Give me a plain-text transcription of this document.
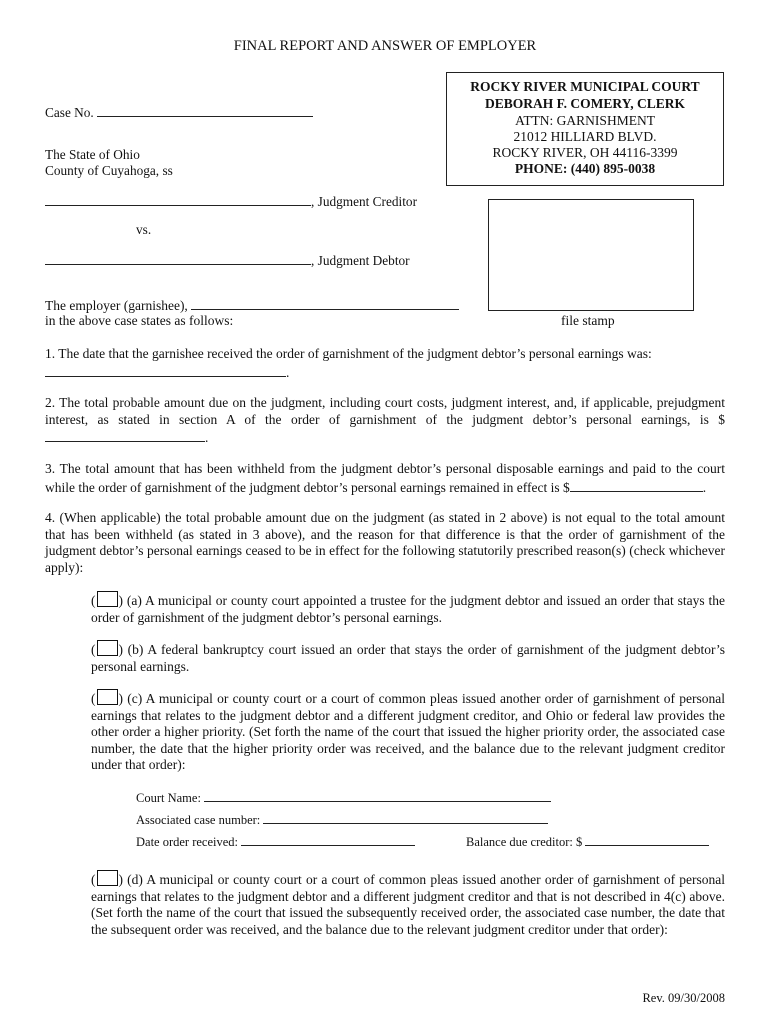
FINAL REPORT AND ANSWER OF EMPLOYER
ROCKY RIVER MUNICIPAL COURT
DEBORAH F. COMERY, CLERK
ATTN: GARNISHMENT
21012 HILLIARD BLVD.
ROCKY RIVER, OH 44116-3399
PHONE: (440) 895-0038
Case No.
The State of Ohio
County of Cuyahoga, ss
, Judgment Creditor
vs.
, Judgment Debtor
The employer (garnishee),
in the above case states as follows:	file stamp

1. The date that the garnishee received the order of garnishment of the judgment debtor’s personal earnings was:

.

2. The total probable amount due on the judgment, including court costs, judgment interest, and, if applicable, prejudgment interest, as stated in section A of the order of garnishment of the judgment debtor’s personal earnings, is $.
3. The total amount that has been withheld from the judgment debtor’s personal disposable earnings and paid to the court while the order of garnishment of the judgment debtor’s personal earnings remained in effect is $	.
4. (When applicable) the total probable amount due on the judgment (as stated in 2 above) is not equal to the total amount that has been withheld (as stated in 3 above), and the reason for that difference is that the order of garnishment of the judgment debtor’s personal earnings ceased to be in effect for the following statutorily prescribed reason(s) (check whichever apply):
( ) (a) A municipal or county court appointed a trustee for the judgment debtor and issued an order that stays the order of garnishment of the judgment debtor’s personal earnings.
( ) (b) A federal bankruptcy court issued an order that stays the order of garnishment of the judgment debtor’s personal earnings.
( ) (c) A municipal or county court or a court of common pleas issued another order of garnishment of personal earnings that relates to the judgment debtor and a different judgment creditor, and Ohio or federal law provides the other order a higher priority. (Set forth the name of the court that issued the higher priority order, the associated case number, the date that the higher priority order was received, and the balance due to the relevant judgment creditor under that order):
Court Name:
Associated case number:
Date order received:	Balance due creditor: $
( ) (d) A municipal or county court or a court of common pleas issued another order of garnishment of personal earnings that relates to the judgment debtor and a different judgment creditor and that is not described in 4(c) above. (Set forth the name of the court that issued the subsequently received order, the associated case number, the date that the subsequent order was received, and the balance due to the relevant judgment creditor under that order):
Rev. 09/30/2008
